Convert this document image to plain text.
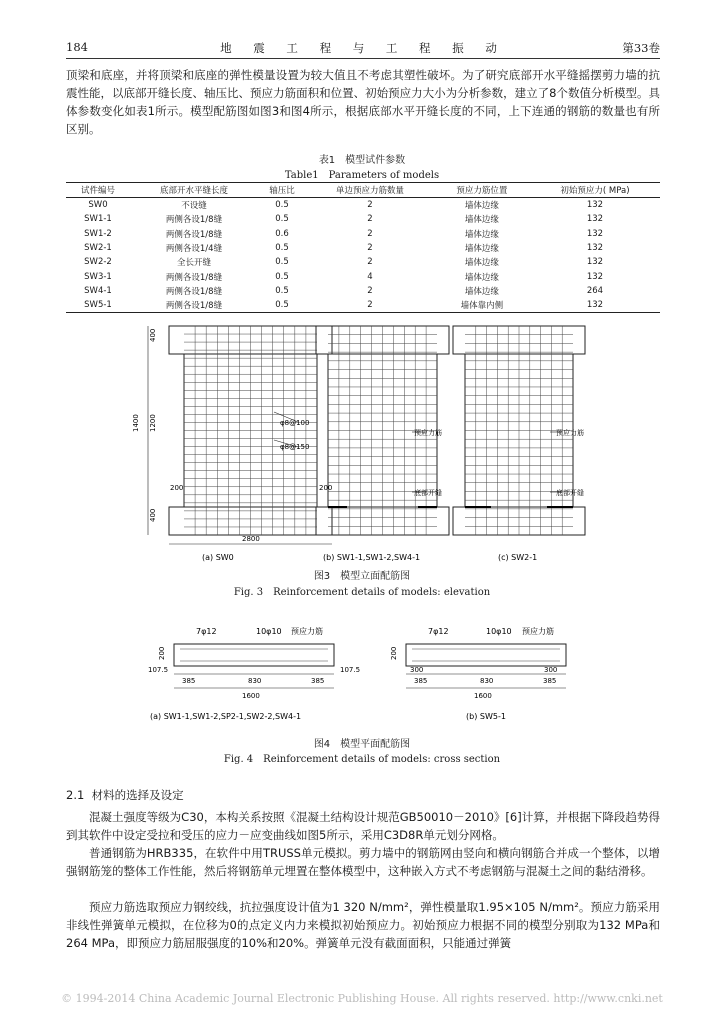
184	地 震 工 程 与 工 程 振 动	第33卷

顶梁和底座，并将顶梁和底座的弹性模量设置为较大值且不考虑其塑性破坏。为了研究底部开水平缝摇摆剪力墙的抗震性能，以底部开缝长度、轴压比、预应力筋面积和位置、初始预应力大小为分析参数，建立了8个数值分析模型。具体参数变化如表1所示。模型配筋图如图3和图4所示，根据底部水平开缝长度的不同，上下连通的钢筋的数量也有所区别。

表1　模型试件参数
Table1　Parameters of models
试件编号	底部开水平缝长度	轴压比	单边预应力筋数量	预应力筋位置	初始预应力( MPa)
SW0	不设缝	0.5	2	墙体边缘	132
SW1-1	两侧各设1/8缝	0.5	2	墙体边缘	132
SW1-2	两侧各设1/8缝	0.6	2	墙体边缘	132
SW2-1	两侧各设1/4缝	0.5	2	墙体边缘	132
SW2-2	全长开缝	0.5	2	墙体边缘	132
SW3-1	两侧各设1/8缝	0.5	4	墙体边缘	132
SW4-1	两侧各设1/8缝	0.5	2	墙体边缘	264
SW5-1	两侧各设1/8缝	0.5	2	墙体靠内侧	132
400
1400 1200
400
200	200
2800
φ8@100
φ8@150
(a) SW0
预应力筋
底部开缝
(b) SW1-1,SW1-2,SW4-1
预应力筋
底部开缝
(c) SW2-1
图3　模型立面配筋图
Fig. 3　Reinforcement details of models: elevation
7φ12	10φ10 预应力筋
200
107.5	107.5
385	830	385
1600
(a) SW1-1,SW1-2,SP2-1,SW2-2,SW4-1
7φ12	10φ10 预应力筋
200
300	300
385	830	385
1600
(b) SW5-1
图4　模型平面配筋图
Fig. 4　Reinforcement details of models: cross section
2.1 材料的选择及设定

混凝土强度等级为C30，本构关系按照《混凝土结构设计规范GB50010－2010》[6]计算，并根据下降段趋势得到其软件中设定受拉和受压的应力－应变曲线如图5所示，采用C3D8R单元划分网格。

普通钢筋为HRB335，在软件中用TRUSS单元模拟。剪力墙中的钢筋网由竖向和横向钢筋合并成一个整体，以增强钢筋笼的整体工作性能，然后将钢筋单元埋置在整体模型中，这种嵌入方式不考虑钢筋与混凝土之间的黏结滑移。

预应力筋选取预应力钢绞线，抗拉强度设计值为1 320 N/mm²，弹性模量取1.95×105 N/mm²。预应力筋采用非线性弹簧单元模拟，在位移为0的点定义内力来模拟初始预应力。初始预应力根据不同的模型分别取为132 MPa和264 MPa，即预应力筋屈服强度的10%和20%。弹簧单元没有截面面积，只能通过弹簧

© 1994-2014 China Academic Journal Electronic Publishing House. All rights reserved. http://www.cnki.net
